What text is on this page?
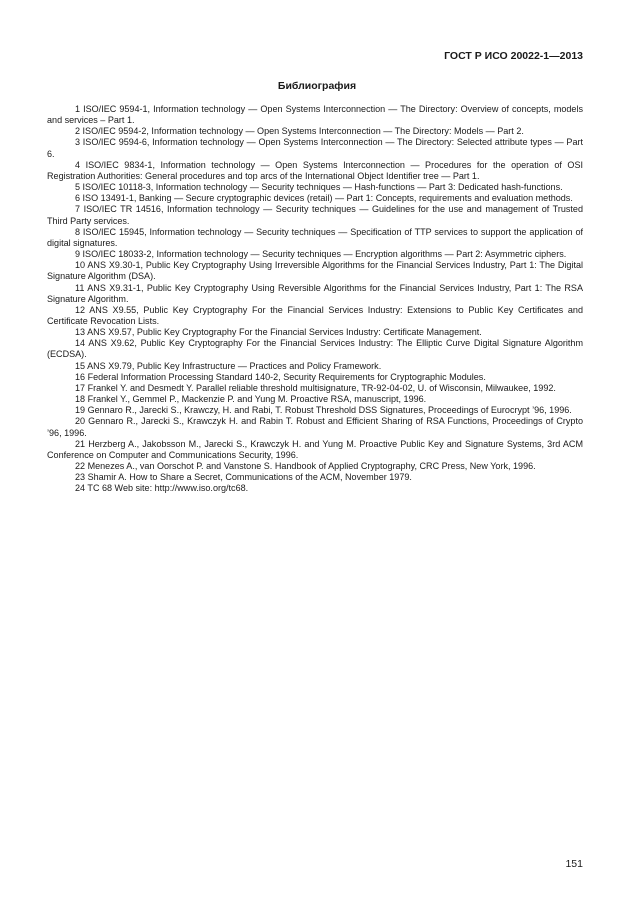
ГОСТ Р ИСО 20022-1—2013
Библиография
1 ISO/IEC 9594-1, Information technology — Open Systems Interconnection — The Directory: Overview of concepts, models and services – Part 1.
2 ISO/IEC 9594-2, Information technology — Open Systems Interconnection — The Directory: Models — Part 2.
3 ISO/IEC 9594-6, Information technology — Open Systems Interconnection — The Directory: Selected attribute types — Part 6.
4 ISO/IEC 9834-1, Information technology — Open Systems Interconnection — Procedures for the operation of OSI Registration Authorities: General procedures and top arcs of the International Object Identifier tree — Part 1.
5 ISO/IEC 10118-3, Information technology — Security techniques — Hash-functions — Part 3: Dedicated hash-functions.
6 ISO 13491-1, Banking — Secure cryptographic devices (retail) — Part 1: Concepts, requirements and evaluation methods.
7 ISO/IEC TR 14516, Information technology — Security techniques — Guidelines for the use and management of Trusted Third Party services.
8 ISO/IEC 15945, Information technology — Security techniques — Specification of TTP services to support the application of digital signatures.
9 ISO/IEC 18033-2, Information technology — Security techniques — Encryption algorithms — Part 2: Asymmetric ciphers.
10 ANS X9.30-1, Public Key Cryptography Using Irreversible Algorithms for the Financial Services Industry, Part 1: The Digital Signature Algorithm (DSA).
11 ANS X9.31-1, Public Key Cryptography Using Reversible Algorithms for the Financial Services Industry, Part 1: The RSA Signature Algorithm.
12 ANS X9.55, Public Key Cryptography For the Financial Services Industry: Extensions to Public Key Certificates and Certificate Revocation Lists.
13 ANS X9.57, Public Key Cryptography For the Financial Services Industry: Certificate Management.
14 ANS X9.62, Public Key Cryptography For the Financial Services Industry: The Elliptic Curve Digital Signature Algorithm (ECDSA).
15 ANS X9.79, Public Key Infrastructure — Practices and Policy Framework.
16 Federal Information Processing Standard 140-2, Security Requirements for Cryptographic Modules.
17 Frankel Y. and Desmedt Y. Parallel reliable threshold multisignature, TR-92-04-02, U. of Wisconsin, Milwaukee, 1992.
18 Frankel Y., Gemmel P., Mackenzie P. and Yung M. Proactive RSA, manuscript, 1996.
19 Gennaro R., Jarecki S., Krawczy, H. and Rabi, T. Robust Threshold DSS Signatures, Proceedings of Eurocrypt ’96, 1996.
20 Gennaro R., Jarecki S., Krawczyk H. and Rabin T. Robust and Efficient Sharing of RSA Functions, Proceedings of Crypto ’96, 1996.
21 Herzberg A., Jakobsson M., Jarecki S., Krawczyk H. and Yung M. Proactive Public Key and Signature Systems, 3rd ACM Conference on Computer and Communications Security, 1996.
22 Menezes A., van Oorschot P. and Vanstone S. Handbook of Applied Cryptography, CRC Press, New York, 1996.
23 Shamir A. How to Share a Secret, Communications of the ACM, November 1979.
24 TC 68 Web site: http://www.iso.org/tc68.
151
